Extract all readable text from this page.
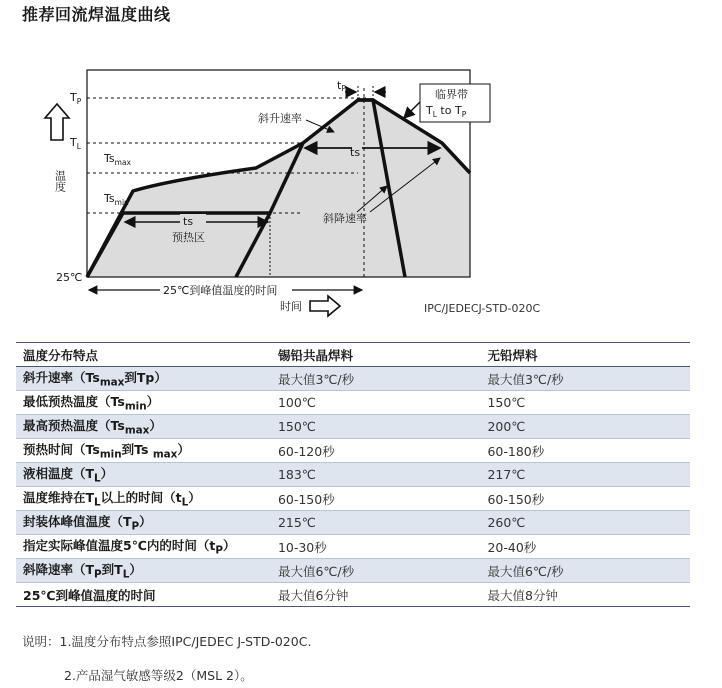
推荐回流焊温度曲线
温度
$T_P$
$T_L$
$Ts_{max}$
$Ts_{min}$
25℃
ts
预热区
ts
tP
斜升速率
斜降速率
临界带
$T_L$ to $T_P$
25℃到峰值温度的时间
时间	IPC/JEDECJ-STD-020C
温度分布特点	锡铅共晶焊料	无铅焊料
斜升速率（$Ts_{max}$到Tp）	最大值3℃/秒	最大值3℃/秒
最低预热温度$(Ts_{min})$	100℃	150℃
最高预热温度$(Ts_{max})$	150℃	200℃
预热时间（$Ts_{min}$到Ts $_{max}$）	60-120秒	60-180秒
液相温度$(T_L)$	183℃	217℃
温度维持在$T_L$以上的时间$(t_L)$	60-150秒	60-150秒
封装体峰值温度$(T_P)$	215℃	260℃
指定实际峰值温度5℃内的时间$(t_P)$	10-30秒	20-40秒
斜降速率（$T_P$到$T_L$）	最大值6℃/秒	最大值6℃/秒
25℃到峰值温度的时间	最大值6分钟	最大值8分钟
说明：1.温度分布特点参照IPC/JEDEC J-STD-020C.
2.产品湿气敏感等级2（MSL 2）。
